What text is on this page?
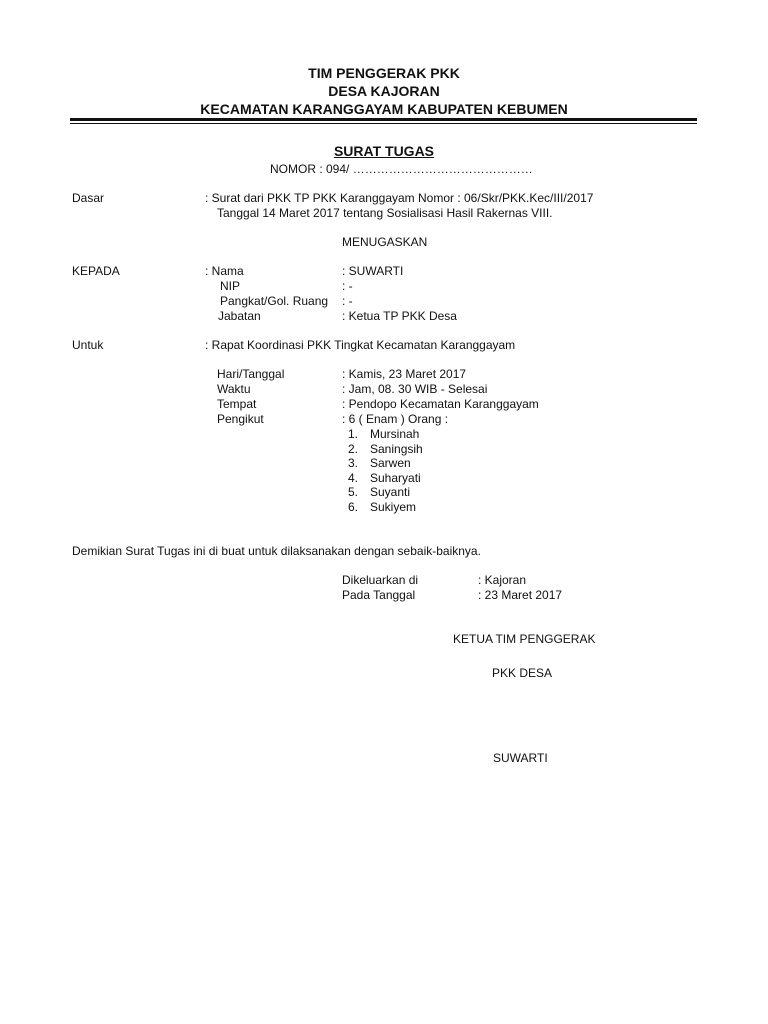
TIM PENGGERAK PKK
DESA KAJORAN
KECAMATAN KARANGGAYAM KABUPATEN KEBUMEN
SURAT TUGAS
NOMOR : 094/ ………………………………………
Dasar	: Surat dari PKK TP PKK Karanggayam Nomor : 06/Skr/PKK.Kec/III/2017
Tanggal 14 Maret 2017 tentang Sosialisasi Hasil Rakernas VIII.
MENUGASKAN
KEPADA	: Nama	: SUWARTI
NIP	: -
Pangkat/Gol. Ruang : -
Jabatan	: Ketua TP PKK Desa
Untuk	: Rapat Koordinasi PKK Tingkat Kecamatan Karanggayam
Hari/Tanggal	: Kamis, 23 Maret 2017
Waktu	: Jam, 08. 30 WIB - Selesai
Tempat	: Pendopo Kecamatan Karanggayam
Pengikut	: 6 ( Enam ) Orang :
1. Mursinah
2. Saningsih
3. Sarwen
4. Suharyati
5. Suyanti
6. Sukiyem
Demikian Surat Tugas ini di buat untuk dilaksanakan dengan sebaik-baiknya.
Dikeluarkan di	: Kajoran
Pada Tanggal	: 23 Maret 2017
KETUA TIM PENGGERAK
PKK DESA
SUWARTI
